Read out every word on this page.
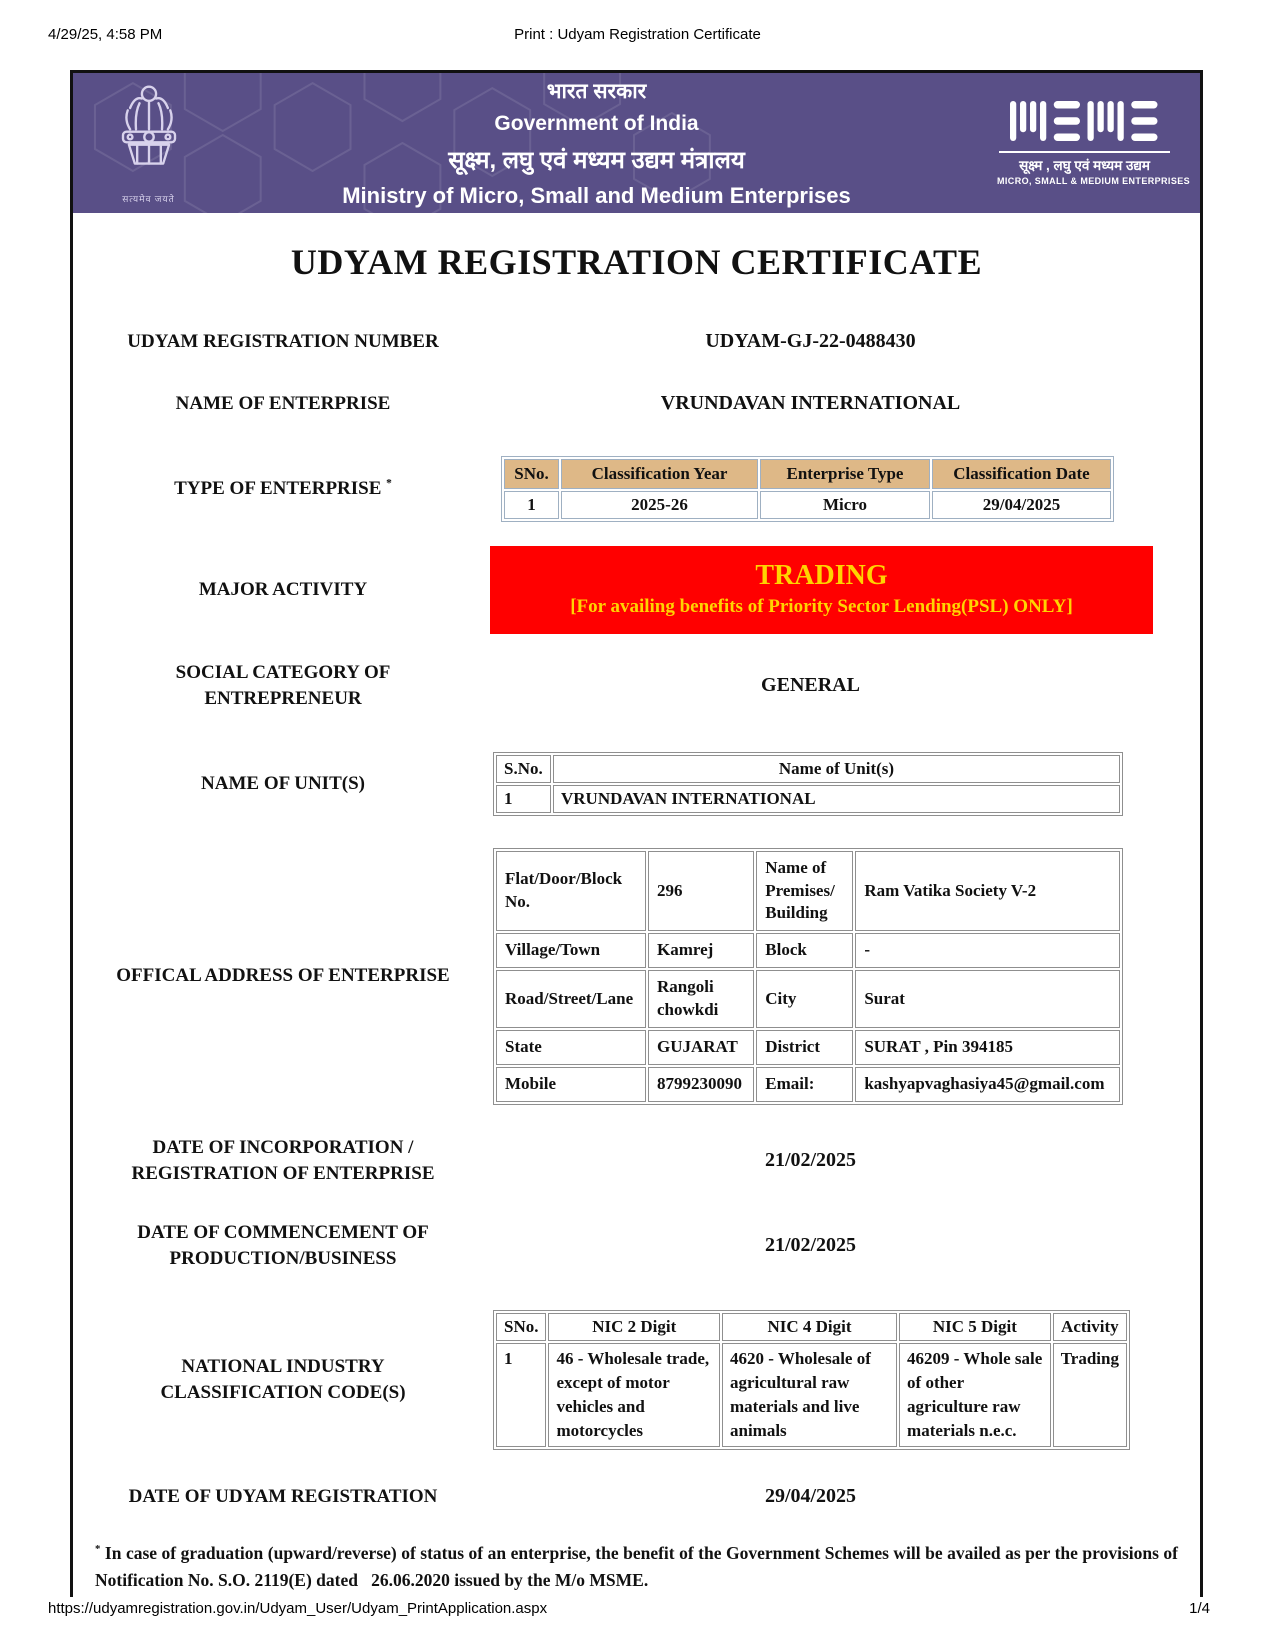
4/29/25, 4:58 PM	Print : Udyam Registration Certificate
सत्यमेव जयते
भारत सरकार
Government of India
सूक्ष्म, लघु एवं मध्यम उद्यम मंत्रालय
Ministry of Micro, Small and Medium Enterprises
सूक्ष्म , लघु एवं मध्यम उद्यम
MICRO, SMALL & MEDIUM ENTERPRISES
UDYAM REGISTRATION CERTIFICATE
UDYAM REGISTRATION NUMBER	UDYAM-GJ-22-0488430
NAME OF ENTERPRISE	VRUNDAVAN INTERNATIONAL
TYPE OF ENTERPRISE *
SNo.	Classification Year	Enterprise Type	Classification Date
1	2025-26	Micro	29/04/2025
MAJOR ACTIVITY	TRADING
[For availing benefits of Priority Sector Lending(PSL) ONLY]
SOCIAL CATEGORY OF ENTREPRENEUR
GENERAL
NAME OF UNIT(S)
S.No.	Name of Unit(s)
1	VRUNDAVAN INTERNATIONAL
OFFICAL ADDRESS OF ENTERPRISE
Flat/Door/Block No.	296	Name of Premises/ Building	Ram Vatika Society V-2
Village/Town	Kamrej	Block	-
Road/Street/Lane	Rangoli chowkdi	City	Surat
State	GUJARAT	District	SURAT , Pin 394185
Mobile	8799230090	Email:	kashyapvaghasiya45@gmail.com
DATE OF INCORPORATION / REGISTRATION OF ENTERPRISE
21/02/2025
DATE OF COMMENCEMENT OF PRODUCTION/BUSINESS
21/02/2025
NATIONAL INDUSTRY CLASSIFICATION CODE(S)
SNo.	NIC 2 Digit	NIC 4 Digit	NIC 5 Digit	Activity
1	46 - Wholesale trade, except of motor vehicles and motorcycles	4620 - Wholesale of agricultural raw materials and live animals	46209 - Whole sale of other agriculture raw materials n.e.c.	Trading
DATE OF UDYAM REGISTRATION	29/04/2025
* In case of graduation (upward/reverse) of status of an enterprise, the benefit of the Government Schemes will be availed as per the provisions of Notification No. S.O. 2119(E) dated   26.06.2020 issued by the M/o MSME.
https://udyamregistration.gov.in/Udyam_User/Udyam_PrintApplication.aspx	1/4
